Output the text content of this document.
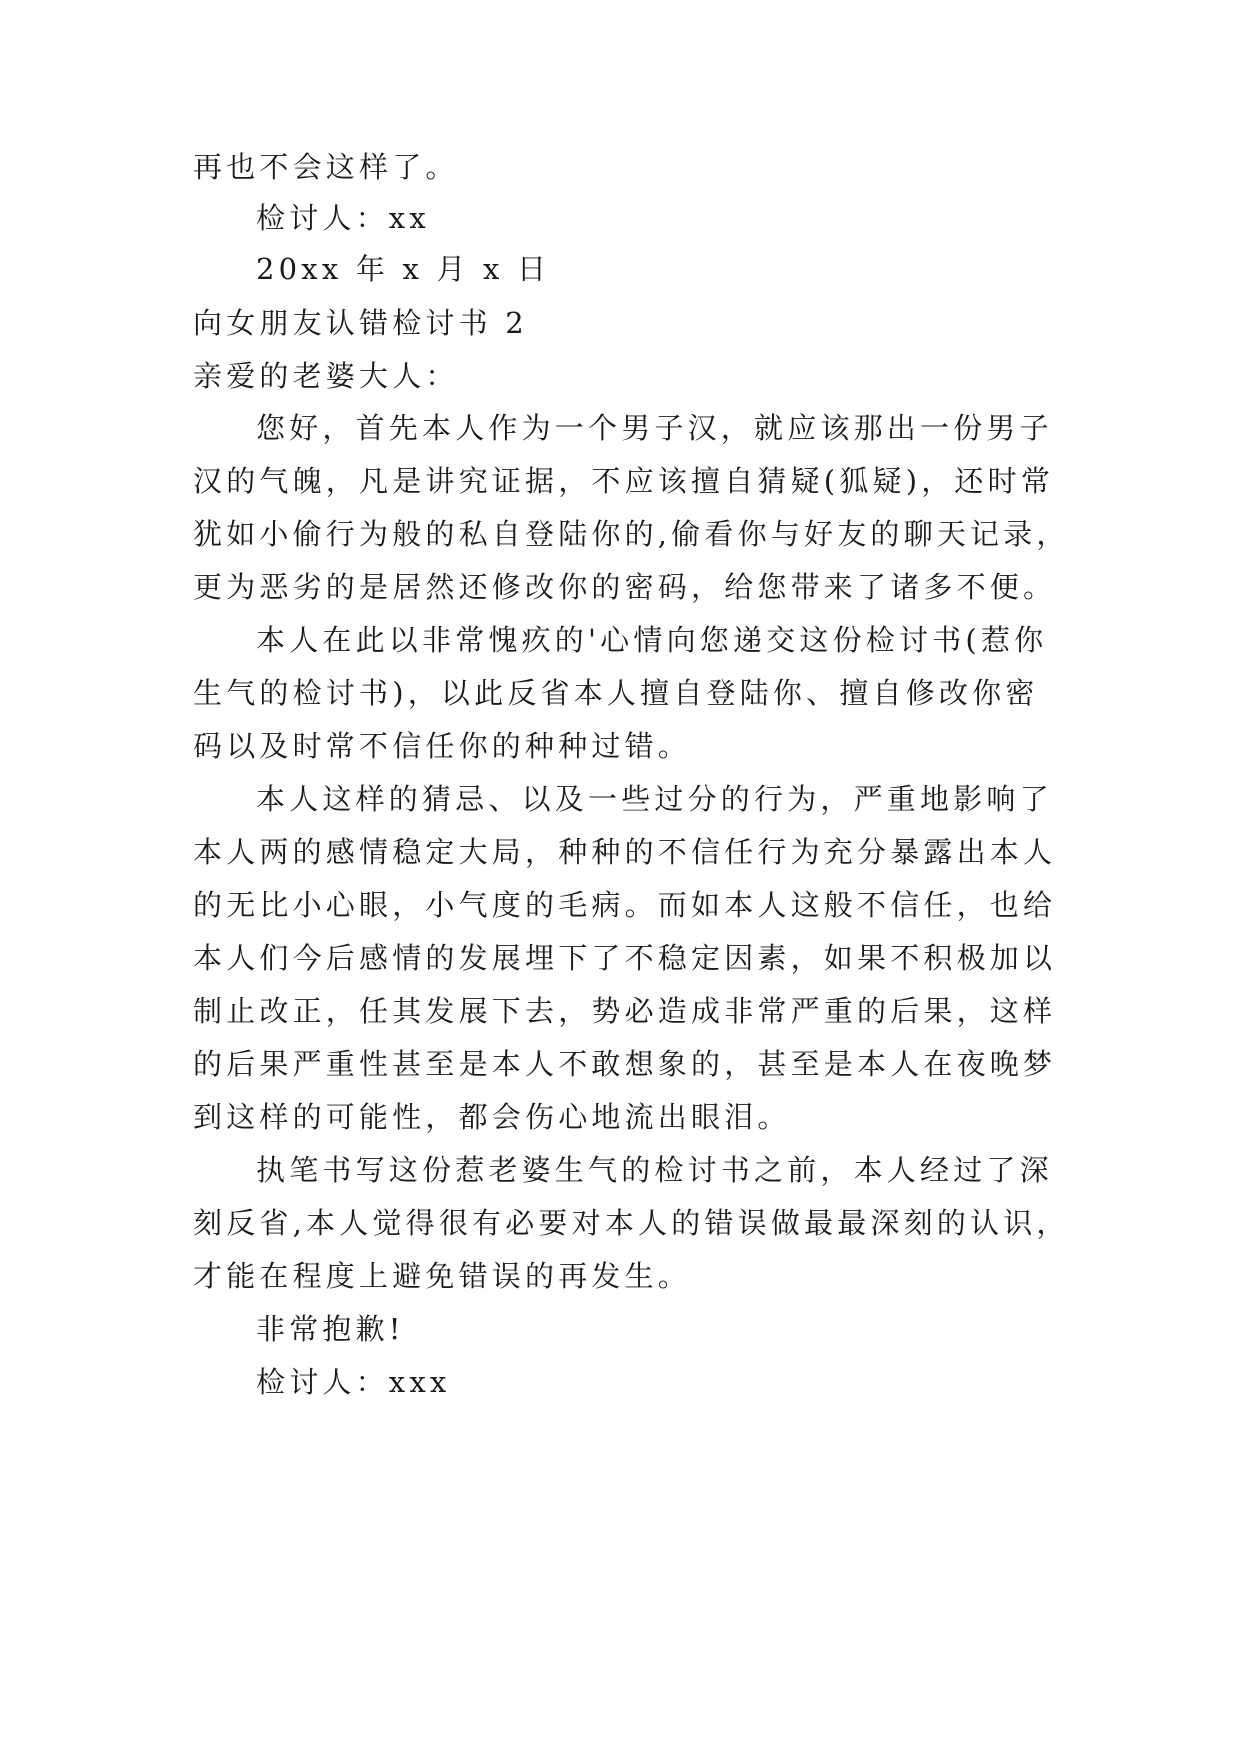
再也不会这样了。
检讨人：xx
20xx 年 x 月 x 日
向女朋友认错检讨书 2
亲爱的老婆大人：
您好，首先本人作为一个男子汉，就应该那出一份男子
汉的气魄，凡是讲究证据，不应该擅自猜疑(狐疑)，还时常
犹如小偷行为般的私自登陆你的,偷看你与好友的聊天记录，
更为恶劣的是居然还修改你的密码，给您带来了诸多不便。
本人在此以非常愧疚的'心情向您递交这份检讨书(惹你
生气的检讨书)，以此反省本人擅自登陆你、擅自修改你密
码以及时常不信任你的种种过错。
本人这样的猜忌、以及一些过分的行为，严重地影响了
本人两的感情稳定大局，种种的不信任行为充分暴露出本人
的无比小心眼，小气度的毛病。而如本人这般不信任，也给
本人们今后感情的发展埋下了不稳定因素，如果不积极加以
制止改正，任其发展下去，势必造成非常严重的后果，这样
的后果严重性甚至是本人不敢想象的，甚至是本人在夜晚梦
到这样的可能性，都会伤心地流出眼泪。
执笔书写这份惹老婆生气的检讨书之前，本人经过了深
刻反省,本人觉得很有必要对本人的错误做最最深刻的认识，
才能在程度上避免错误的再发生。
非常抱歉!
检讨人：xxx
